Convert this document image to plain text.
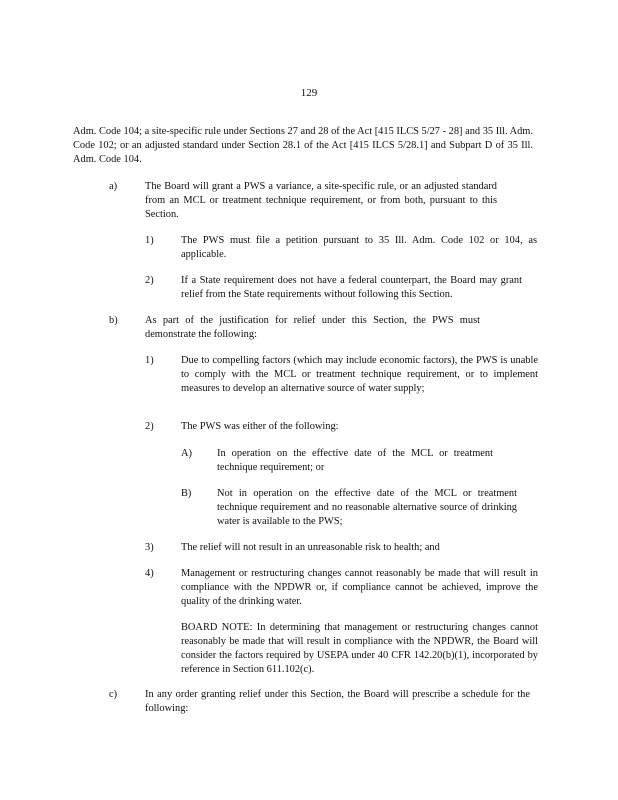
129

Adm. Code 104; a site-specific rule under Sections 27 and 28 of the Act [415 ILCS 5/27 - 28] and 35 Ill. Adm. Code 102; or an adjusted standard under Section 28.1 of the Act [415 ILCS 5/28.1] and Subpart D of 35 Ill. Adm. Code 104.

a)	The Board will grant a PWS a variance, a site-specific rule, or an adjusted standard from an MCL or treatment technique requirement, or from both, pursuant to this Section.

1)	The PWS must file a petition pursuant to 35 Ill. Adm. Code 102 or 104, as applicable.

2)	If a State requirement does not have a federal counterpart, the Board may grant relief from the State requirements without following this Section.

b)	As part of the justification for relief under this Section, the PWS must demonstrate the following:

1)	Due to compelling factors (which may include economic factors), the PWS is unable to comply with the MCL or treatment technique requirement, or to implement measures to develop an alternative source of water supply;

2)	The PWS was either of the following:

A) In operation on the effective date of the MCL or treatment technique requirement; or

B) Not in operation on the effective date of the MCL or treatment technique requirement and no reasonable alternative source of drinking water is available to the PWS;

3)	The relief will not result in an unreasonable risk to health; and

4)	Management or restructuring changes cannot reasonably be made that will result in compliance with the NPDWR or, if compliance cannot be achieved, improve the quality of the drinking water.

BOARD NOTE: In determining that management or restructuring changes cannot reasonably be made that will result in compliance with the NPDWR, the Board will consider the factors required by USEPA under 40 CFR 142.20(b)(1), incorporated by reference in Section 611.102(c).

c)	In any order granting relief under this Section, the Board will prescribe a schedule for the following:
